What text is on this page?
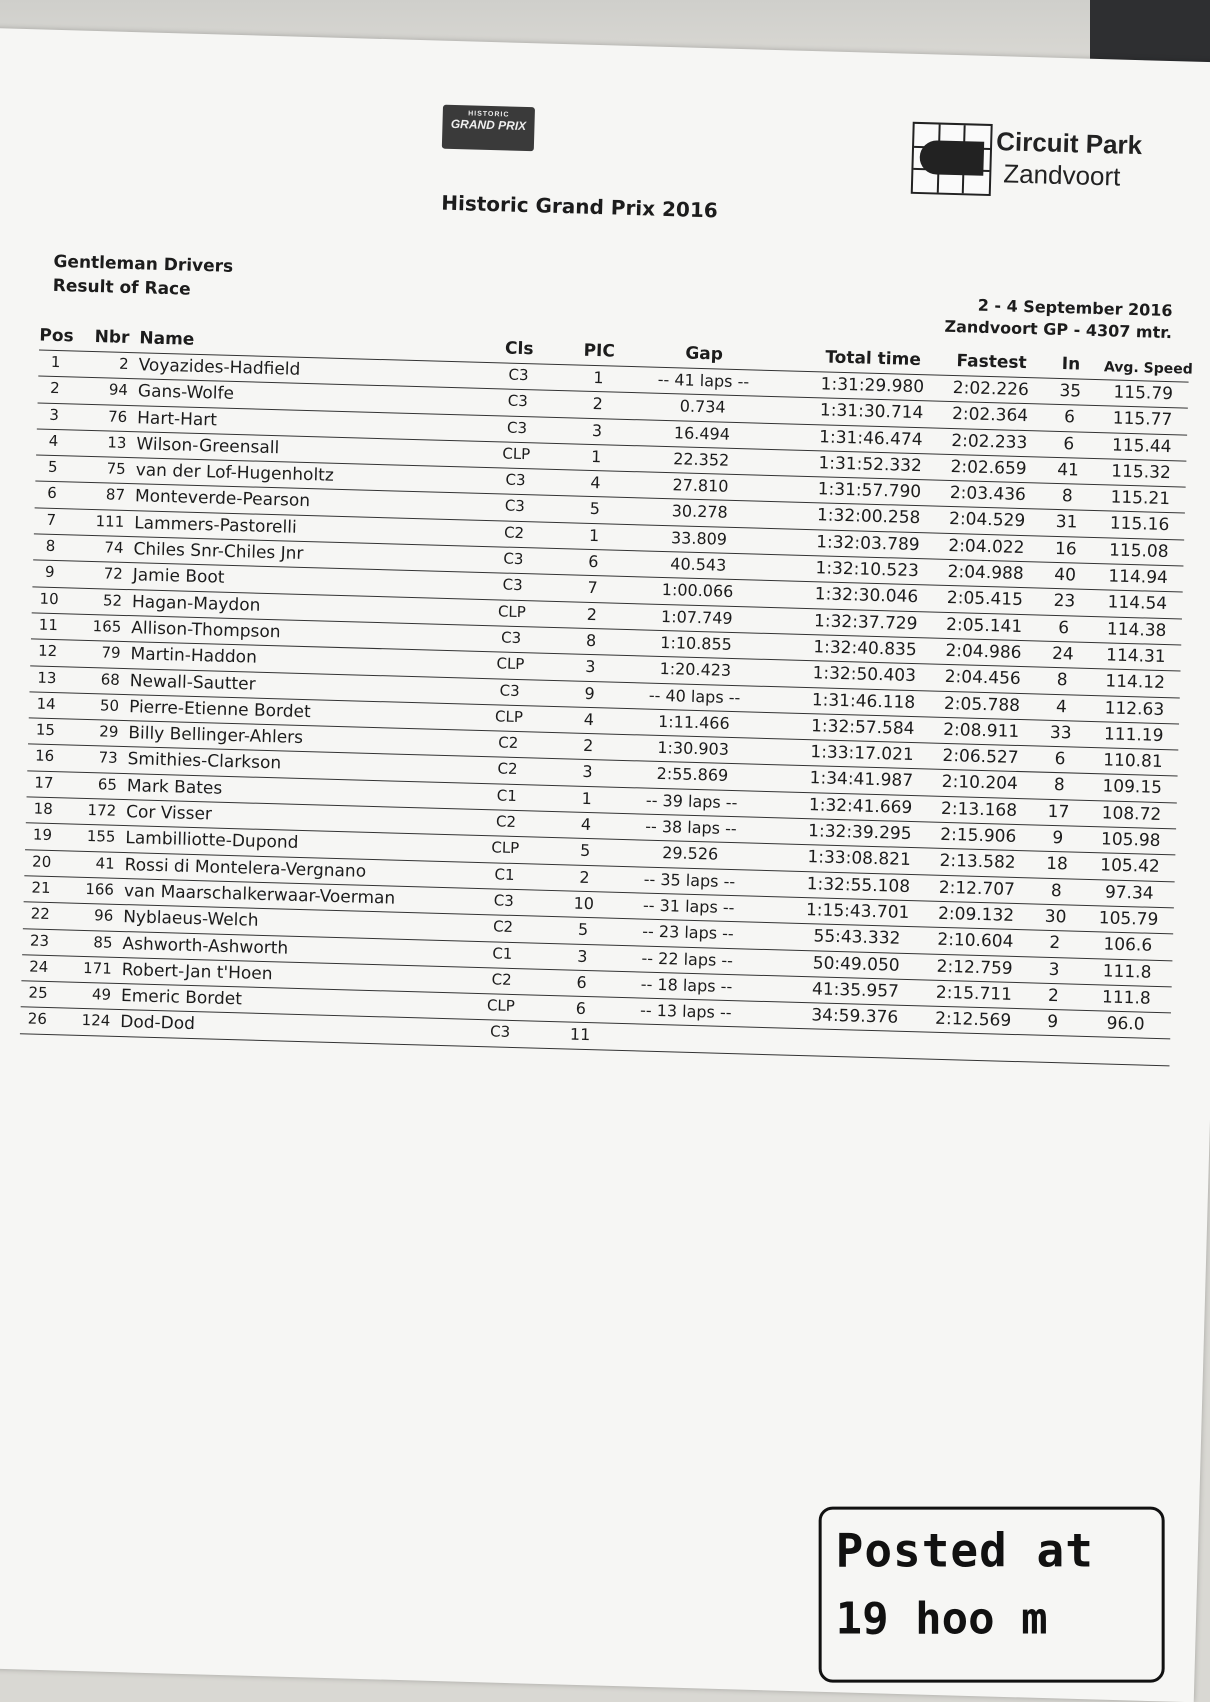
HISTORIC
GRAND PRIX
Circuit Park
Zandvoort
Historic Grand Prix 2016
Gentleman Drivers
Result of Race
2 - 4 September 2016
Zandvoort GP - 4307 mtr.
Pos	Nbr Name	Cls	PIC	Gap	Total time	Fastest	In	Avg. Speed
1	2 Voyazides-Hadfield	C3	1	-- 41 laps --	1:31:29.980	2:02.226	35	115.79
2	94 Gans-Wolfe	C3	2	0.734	1:31:30.714	2:02.364	6	115.77
3	76 Hart-Hart	C3	3	16.494	1:31:46.474	2:02.233	6	115.44
4	13 Wilson-Greensall	CLP	1	22.352	1:31:52.332	2:02.659	41	115.32
5	75 van der Lof-Hugenholtz	C3	4	27.810	1:31:57.790	2:03.436	8	115.21
6	87 Monteverde-Pearson	C3	5	30.278	1:32:00.258	2:04.529	31	115.16
7	111 Lammers-Pastorelli	C2	1	33.809	1:32:03.789	2:04.022	16	115.08
8	74 Chiles Snr-Chiles Jnr	C3	6	40.543	1:32:10.523	2:04.988	40	114.94
9	72 Jamie Boot	C3	7	1:00.066	1:32:30.046	2:05.415	23	114.54
10	52 Hagan-Maydon	CLP	2	1:07.749	1:32:37.729	2:05.141	6	114.38
11	165 Allison-Thompson	C3	8	1:10.855	1:32:40.835	2:04.986	24	114.31
12	79 Martin-Haddon	CLP	3	1:20.423	1:32:50.403	2:04.456	8	114.12
13	68 Newall-Sautter	C3	9	-- 40 laps --	1:31:46.118	2:05.788	4	112.63
14	50 Pierre-Etienne Bordet	CLP	4	1:11.466	1:32:57.584	2:08.911	33	111.19
15	29 Billy Bellinger-Ahlers	C2	2	1:30.903	1:33:17.021	2:06.527	6	110.81
16	73 Smithies-Clarkson	C2	3	2:55.869	1:34:41.987	2:10.204	8	109.15
17	65 Mark Bates	C1	1	-- 39 laps --	1:32:41.669	2:13.168	17	108.72
18	172 Cor Visser	C2	4	-- 38 laps --	1:32:39.295	2:15.906	9	105.98
19	155 Lambilliotte-Dupond	CLP	5	29.526	1:33:08.821	2:13.582	18	105.42
20	41 Rossi di Montelera-Vergnano	C1	2	-- 35 laps --	1:32:55.108	2:12.707	8	97.34
21	166 van Maarschalkerwaar-Voerman	C3	10	-- 31 laps --	1:15:43.701	2:09.132	30	105.79
22	96 Nyblaeus-Welch	C2	5	-- 23 laps --	55:43.332	2:10.604	2	106.6
23	85 Ashworth-Ashworth	C1	3	-- 22 laps --	50:49.050	2:12.759	3	111.8
24	171 Robert-Jan t'Hoen	C2	6	-- 18 laps --	41:35.957	2:15.711	2	111.8
25	49 Emeric Bordet	CLP	6	-- 13 laps --	34:59.376	2:12.569	9	96.0
26	124 Dod-Dod	C3	11
Posted at
19 hoo m
